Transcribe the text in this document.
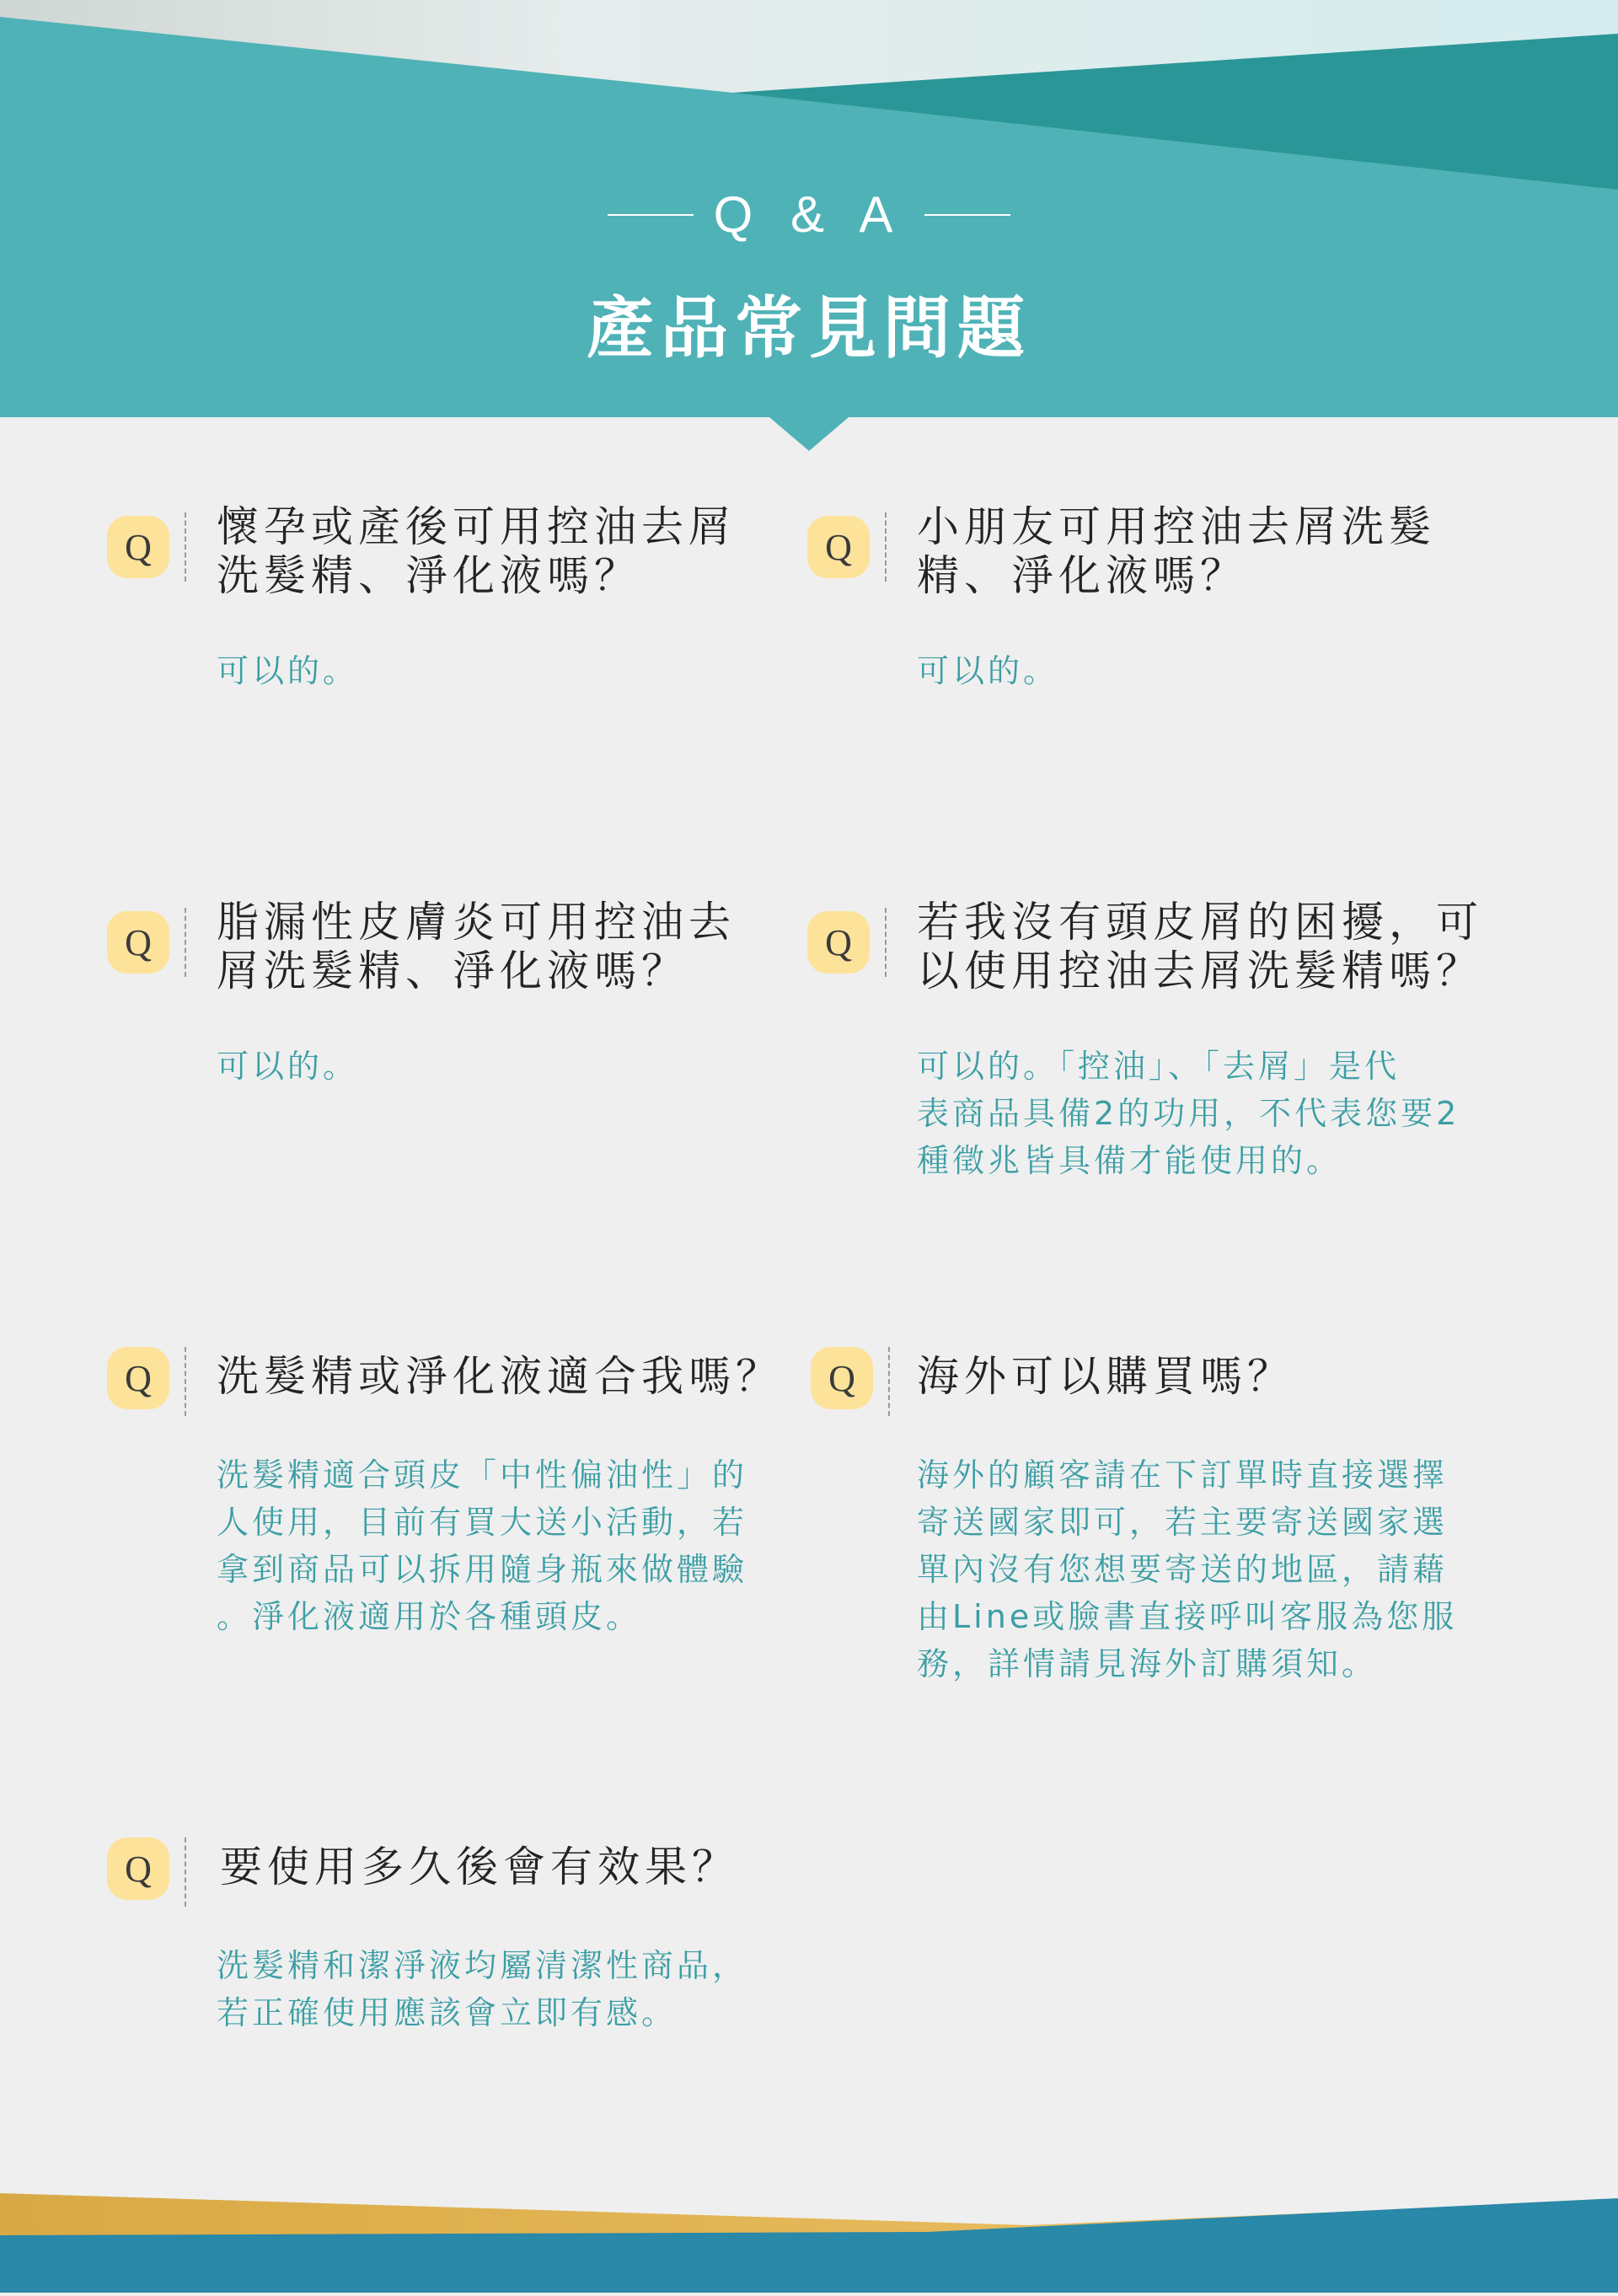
Q & A
產品常見問題
Q	懷孕或產後可用控油去屑
洗髮精、淨化液嗎？

可以的。

Q	小朋友可用控油去屑洗髮
精、淨化液嗎？

可以的。

Q	脂漏性皮膚炎可用控油去
屑洗髮精、淨化液嗎？

可以的。

Q	若我沒有頭皮屑的困擾，可
以使用控油去屑洗髮精嗎？

可以的。「控油」、「去屑」是代
表商品具備2的功用，不代表您要2
種徵兆皆具備才能使用的。

Q	洗髮精或淨化液適合我嗎？

洗髮精適合頭皮「中性偏油性」的
人使用，目前有買大送小活動，若
拿到商品可以拆用隨身瓶來做體驗
。淨化液適用於各種頭皮。

Q	海外可以購買嗎？

海外的顧客請在下訂單時直接選擇
寄送國家即可，若主要寄送國家選
單內沒有您想要寄送的地區，請藉
由Line或臉書直接呼叫客服為您服
務，詳情請見海外訂購須知。

Q	要使用多久後會有效果？

洗髮精和潔淨液均屬清潔性商品，
若正確使用應該會立即有感。
